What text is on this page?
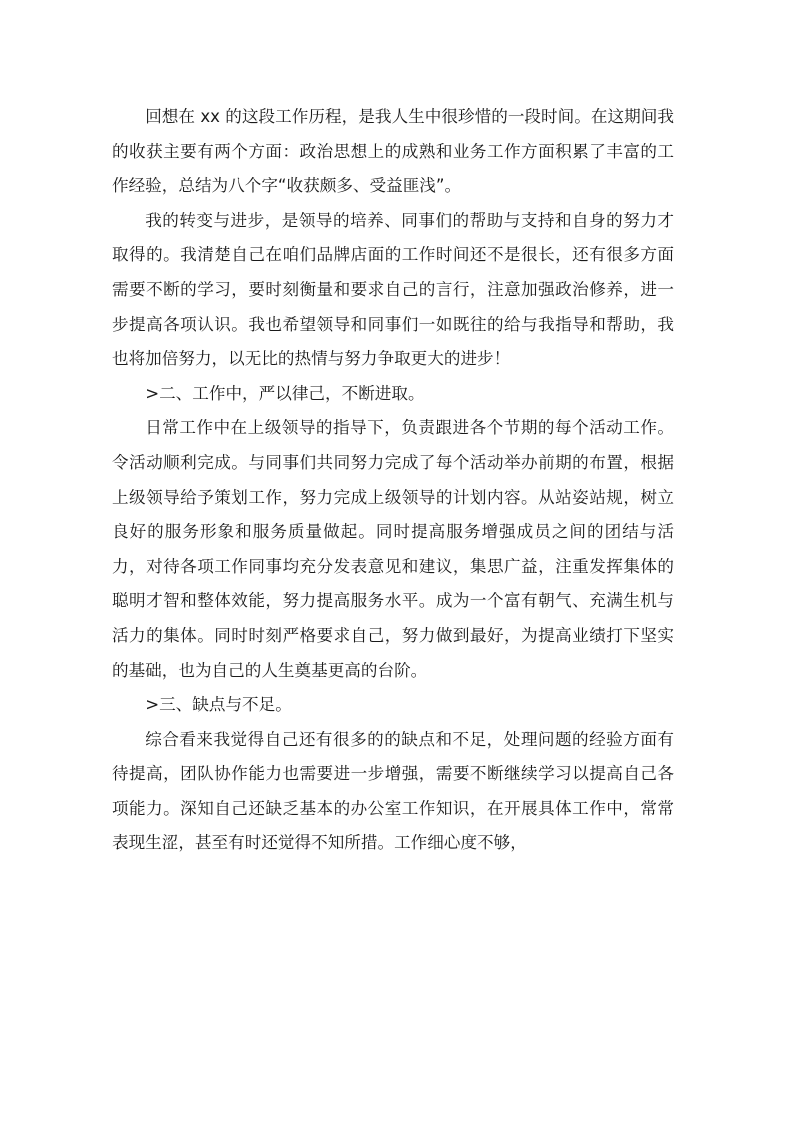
回想在 xx 的这段工作历程，是我人生中很珍惜的一段时间。在这期间我的收获主要有两个方面：政治思想上的成熟和业务工作方面积累了丰富的工作经验，总结为八个字“收获颇多、受益匪浅”。

我的转变与进步，是领导的培养、同事们的帮助与支持和自身的努力才取得的。我清楚自己在咱们品牌店面的工作时间还不是很长，还有很多方面需要不断的学习，要时刻衡量和要求自己的言行，注意加强政治修养，进一步提高各项认识。我也希望领导和同事们一如既往的给与我指导和帮助，我也将加倍努力，以无比的热情与努力争取更大的进步！

>二、工作中，严以律己，不断进取。

日常工作中在上级领导的指导下，负责跟进各个节期的每个活动工作。令活动顺利完成。与同事们共同努力完成了每个活动举办前期的布置，根据上级领导给予策划工作，努力完成上级领导的计划内容。从站姿站规，树立良好的服务形象和服务质量做起。同时提高服务增强成员之间的团结与活力，对待各项工作同事均充分发表意见和建议，集思广益，注重发挥集体的聪明才智和整体效能，努力提高服务水平。成为一个富有朝气、充满生机与活力的集体。同时时刻严格要求自己，努力做到最好，为提高业绩打下坚实的基础，也为自己的人生奠基更高的台阶。

>三、缺点与不足。

综合看来我觉得自己还有很多的的缺点和不足，处理问题的经验方面有待提高，团队协作能力也需要进一步增强，需要不断继续学习以提高自己各项能力。深知自己还缺乏基本的办公室工作知识，在开展具体工作中，常常表现生涩，甚至有时还觉得不知所措。工作细心度不够，
